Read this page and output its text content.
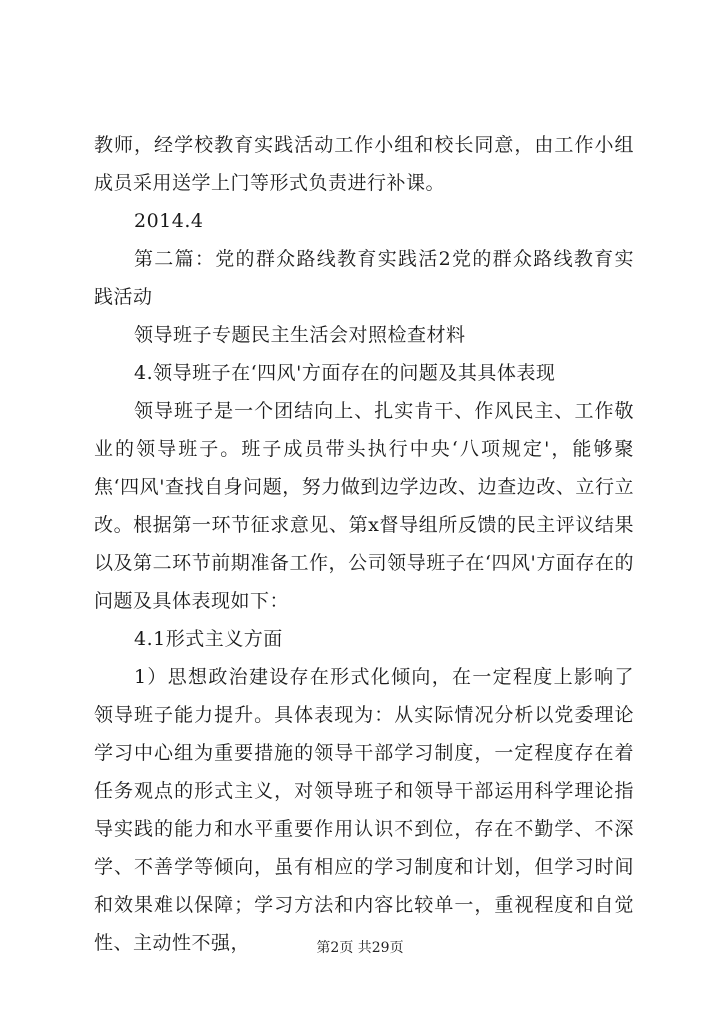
教师，经学校教育实践活动工作小组和校长同意，由工作小组成员采用送学上门等形式负责进行补课。

2014.4

第二篇：党的群众路线教育实践活2党的群众路线教育实践活动

领导班子专题民主生活会对照检查材料

4.领导班子在‘四风'方面存在的问题及其具体表现

领导班子是一个团结向上、扎实肯干、作风民主、工作敬业的领导班子。班子成员带头执行中央‘八项规定'，能够聚焦‘四风'查找自身问题，努力做到边学边改、边查边改、立行立改。根据第一环节征求意见、第x督导组所反馈的民主评议结果以及第二环节前期准备工作，公司领导班子在‘四风'方面存在的问题及具体表现如下：

4.1形式主义方面

1）思想政治建设存在形式化倾向，在一定程度上影响了领导班子能力提升。具体表现为：从实际情况分析以党委理论学习中心组为重要措施的领导干部学习制度，一定程度存在着任务观点的形式主义，对领导班子和领导干部运用科学理论指导实践的能力和水平重要作用认识不到位，存在不勤学、不深学、不善学等倾向，虽有相应的学习制度和计划，但学习时间和效果难以保障；学习方法和内容比较单一，重视程度和自觉性、主动性不强，	第2页 共29页
